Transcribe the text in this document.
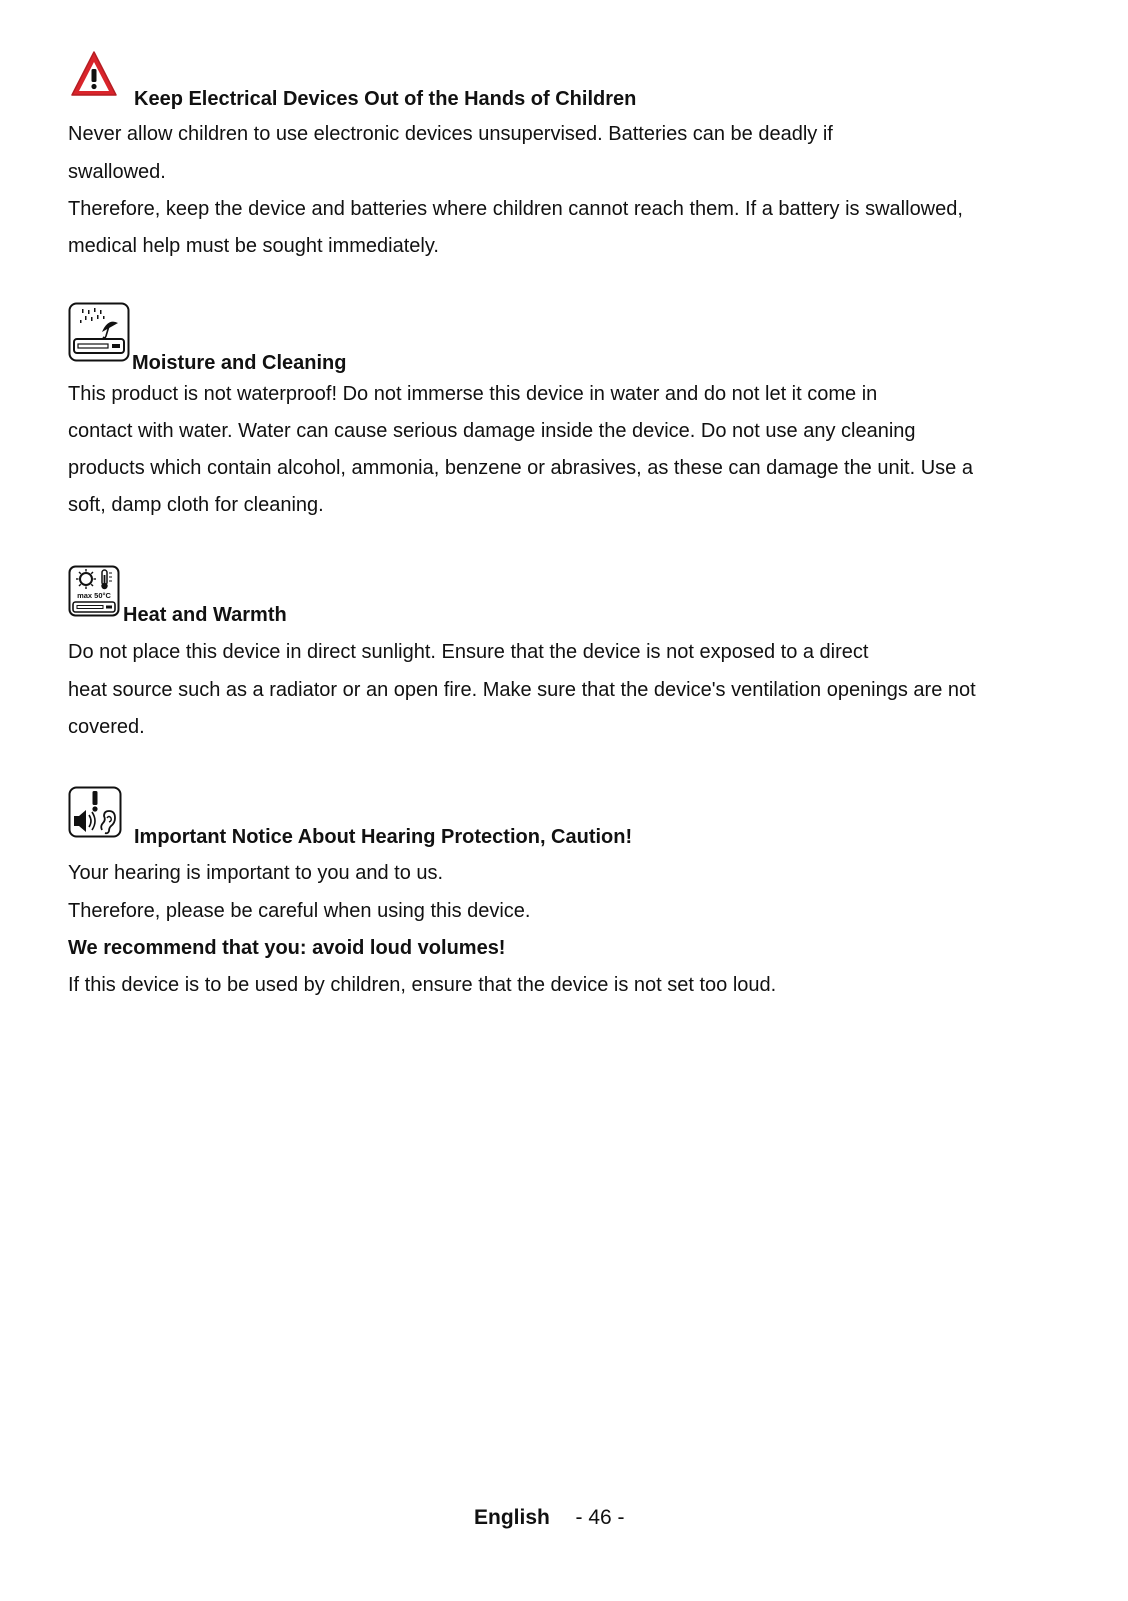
Keep Electrical Devices Out of the Hands of Children
Never allow children to use electronic devices unsupervised. Batteries can be deadly if
swallowed.
Therefore, keep the device and batteries where children cannot reach them. If a battery is swallowed,
medical help must be sought immediately.
Moisture and Cleaning
This product is not waterproof! Do not immerse this device in water and do not let it come in
contact with water. Water can cause serious damage inside the device. Do not use any cleaning
products which contain alcohol, ammonia, benzene or abrasives, as these can damage the unit. Use a
soft, damp cloth for cleaning.
max 50°C
Heat and Warmth
Do not place this device in direct sunlight. Ensure that the device is not exposed to a direct
heat source such as a radiator or an open fire. Make sure that the device's ventilation openings are not
covered.
Important Notice About Hearing Protection, Caution!
Your hearing is important to you and to us.
Therefore, please be careful when using this device.
We recommend that you: avoid loud volumes!
If this device is to be used by children, ensure that the device is not set too loud.
English - 46 -
